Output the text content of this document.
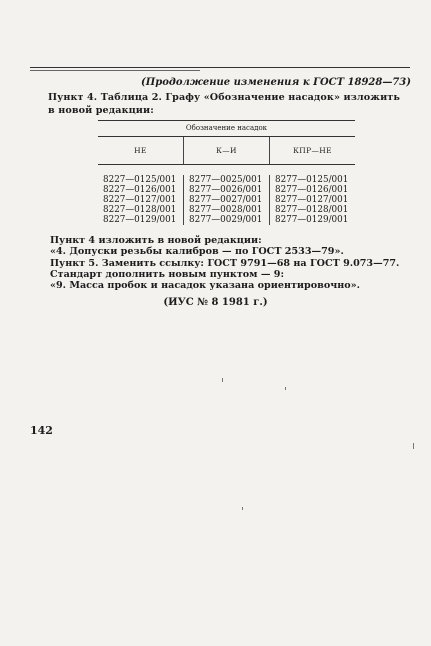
(Продолжение изменения к ГОСТ 18928—73)
Пункт 4. Таблица 2. Графу «Обозначение насадок» изложить в новой редакции:
Обозначение насадок
НЕ	К—И	КПР—НЕ
8227—0125/001
8227—0126/001
8227—0127/001
8227—0128/001
8227—0129/001
8277—0025/001
8277—0026/001
8277—0027/001
8277—0028/001
8277—0029/001
8277—0125/001
8277—0126/001
8277—0127/001
8277—0128/001
8277—0129/001
Пункт 4 изложить в новой редакции:
«4. Допуски резьбы калибров — по ГОСТ 2533—79».
Пункт 5. Заменить ссылку: ГОСТ 9791—68 на ГОСТ 9.073—77.
Стандарт дополнить новым пунктом — 9:
«9. Масса пробок и насадок указана ориентировочно».
(ИУС № 8 1981 г.)
142
